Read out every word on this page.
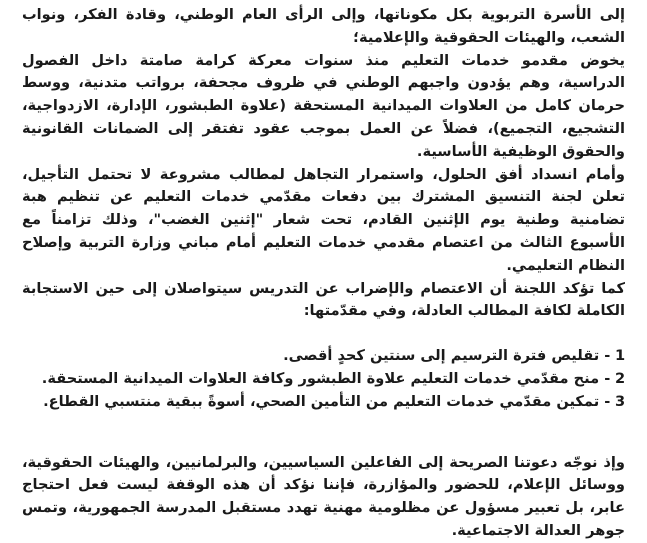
إلى الأسرة التربوية بكل مكوناتها، وإلى الرأى العام الوطني، وقادة الفكر، ونواب الشعب، والهيئات الحقوقية والإعلامية؛

يخوض مقدمو خدمات التعليم منذ سنوات معركة كرامة صامتة داخل الفصول الدراسية، وهم يؤدون واجبهم الوطني في ظروف مجحفة، برواتب متدنية، ووسط حرمان كامل من العلاوات الميدانية المستحقة (علاوة الطبشور، الإدارة، الازدواجية، التشجيع، التجميع)، فضلاً عن العمل بموجب عقود تفتقر إلى الضمانات القانونية والحقوق الوظيفية الأساسية.

وأمام انسداد أفق الحلول، واستمرار التجاهل لمطالب مشروعة لا تحتمل التأجيل، تعلن لجنة التنسيق المشترك بين دفعات مقدّمي خدمات التعليم عن تنظيم هبة تضامنية وطنية يوم الإثنين القادم، تحت شعار "إثنين الغضب"، وذلك تزامناً مع الأسبوع الثالث من اعتصام مقدمي خدمات التعليم أمام مباني وزارة التربية وإصلاح النظام التعليمي.

كما تؤكد اللجنة أن الاعتصام والإضراب عن التدريس سيتواصلان إلى حين الاستجابة الكاملة لكافة المطالب العادلة، وفي مقدّمتها:

1 - تقليص فترة الترسيم إلى سنتين كحدٍ أقصى.
2 - منح مقدّمي خدمات التعليم علاوة الطبشور وكافة العلاوات الميدانية المستحقة.
3 - تمكين مقدّمي خدمات التعليم من التأمين الصحي، أسوةً ببقية منتسبي القطاع.

وإذ نوجّه دعوتنا الصريحة إلى الفاعلين السياسيين، والبرلمانيين، والهيئات الحقوقية، ووسائل الإعلام، للحضور والمؤازرة، فإننا نؤكد أن هذه الوقفة ليست فعل احتجاج عابر، بل تعبير مسؤول عن مظلومية مهنية تهدد مستقبل المدرسة الجمهورية، وتمس جوهر العدالة الاجتماعية.
